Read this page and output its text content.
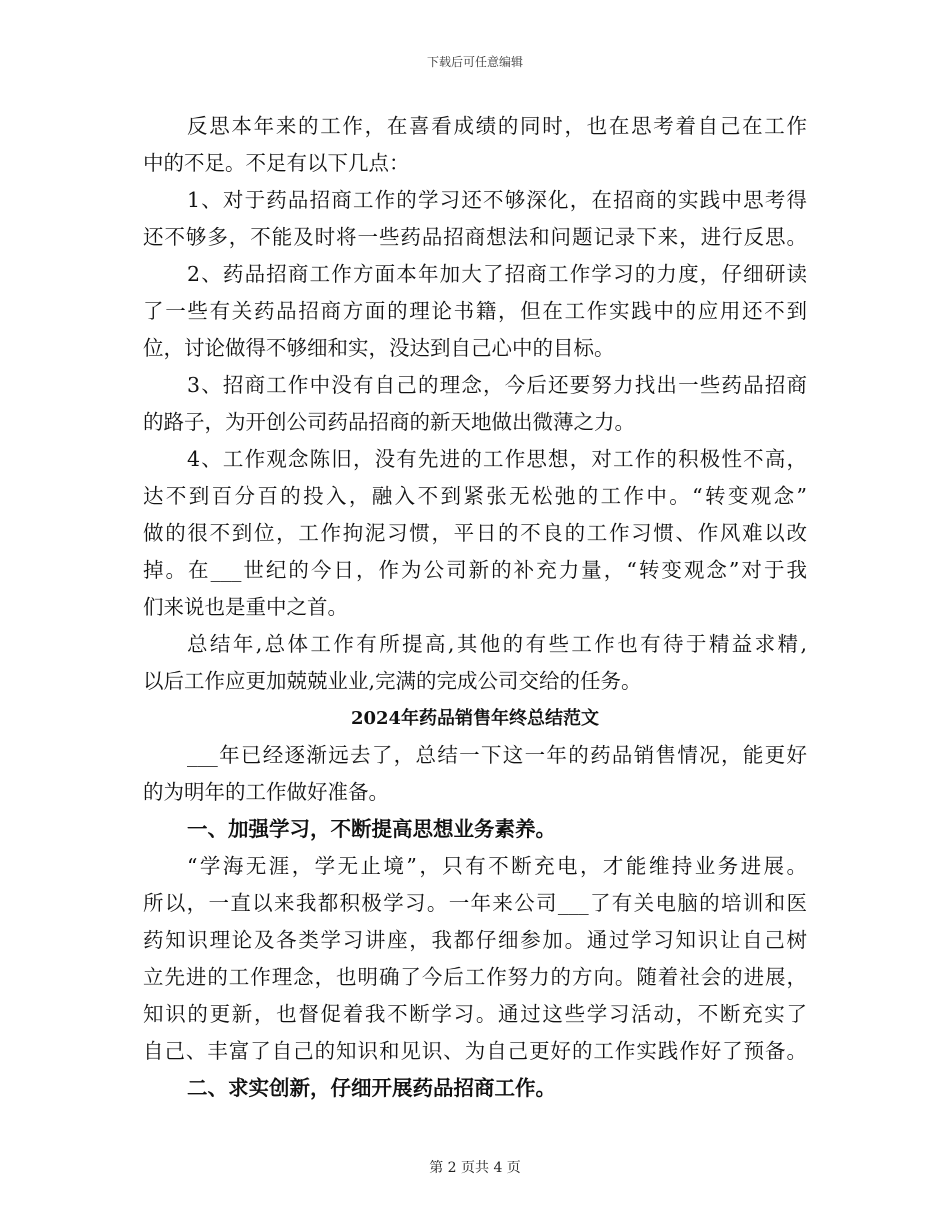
下载后可任意编辑
反思本年来的工作，在喜看成绩的同时，也在思考着自己在工作
中的不足。不足有以下几点：
1、对于药品招商工作的学习还不够深化，在招商的实践中思考得
还不够多，不能及时将一些药品招商想法和问题记录下来，进行反思。
2、药品招商工作方面本年加大了招商工作学习的力度，仔细研读
了一些有关药品招商方面的理论书籍，但在工作实践中的应用还不到
位，讨论做得不够细和实，没达到自己心中的目标。
3、招商工作中没有自己的理念，今后还要努力找出一些药品招商
的路子，为开创公司药品招商的新天地做出微薄之力。
4、工作观念陈旧，没有先进的工作思想，对工作的积极性不高，
达不到百分百的投入，融入不到紧张无松弛的工作中。“转变观念”
做的很不到位，工作拘泥习惯，平日的不良的工作习惯、作风难以改
掉。在___世纪的今日，作为公司新的补充力量，“转变观念”对于我
们来说也是重中之首。
总结年,总体工作有所提高,其他的有些工作也有待于精益求精,
以后工作应更加兢兢业业,完满的完成公司交给的任务。
2024年药品销售年终总结范文
___年已经逐渐远去了，总结一下这一年的药品销售情况，能更好
的为明年的工作做好准备。
一、加强学习，不断提高思想业务素养。
“学海无涯，学无止境”，只有不断充电，才能维持业务进展。
所以，一直以来我都积极学习。一年来公司___了有关电脑的培训和医
药知识理论及各类学习讲座，我都仔细参加。通过学习知识让自己树
立先进的工作理念，也明确了今后工作努力的方向。随着社会的进展，
知识的更新，也督促着我不断学习。通过这些学习活动，不断充实了
自己、丰富了自己的知识和见识、为自己更好的工作实践作好了预备。
二、求实创新，仔细开展药品招商工作。
第 2 页共 4 页
